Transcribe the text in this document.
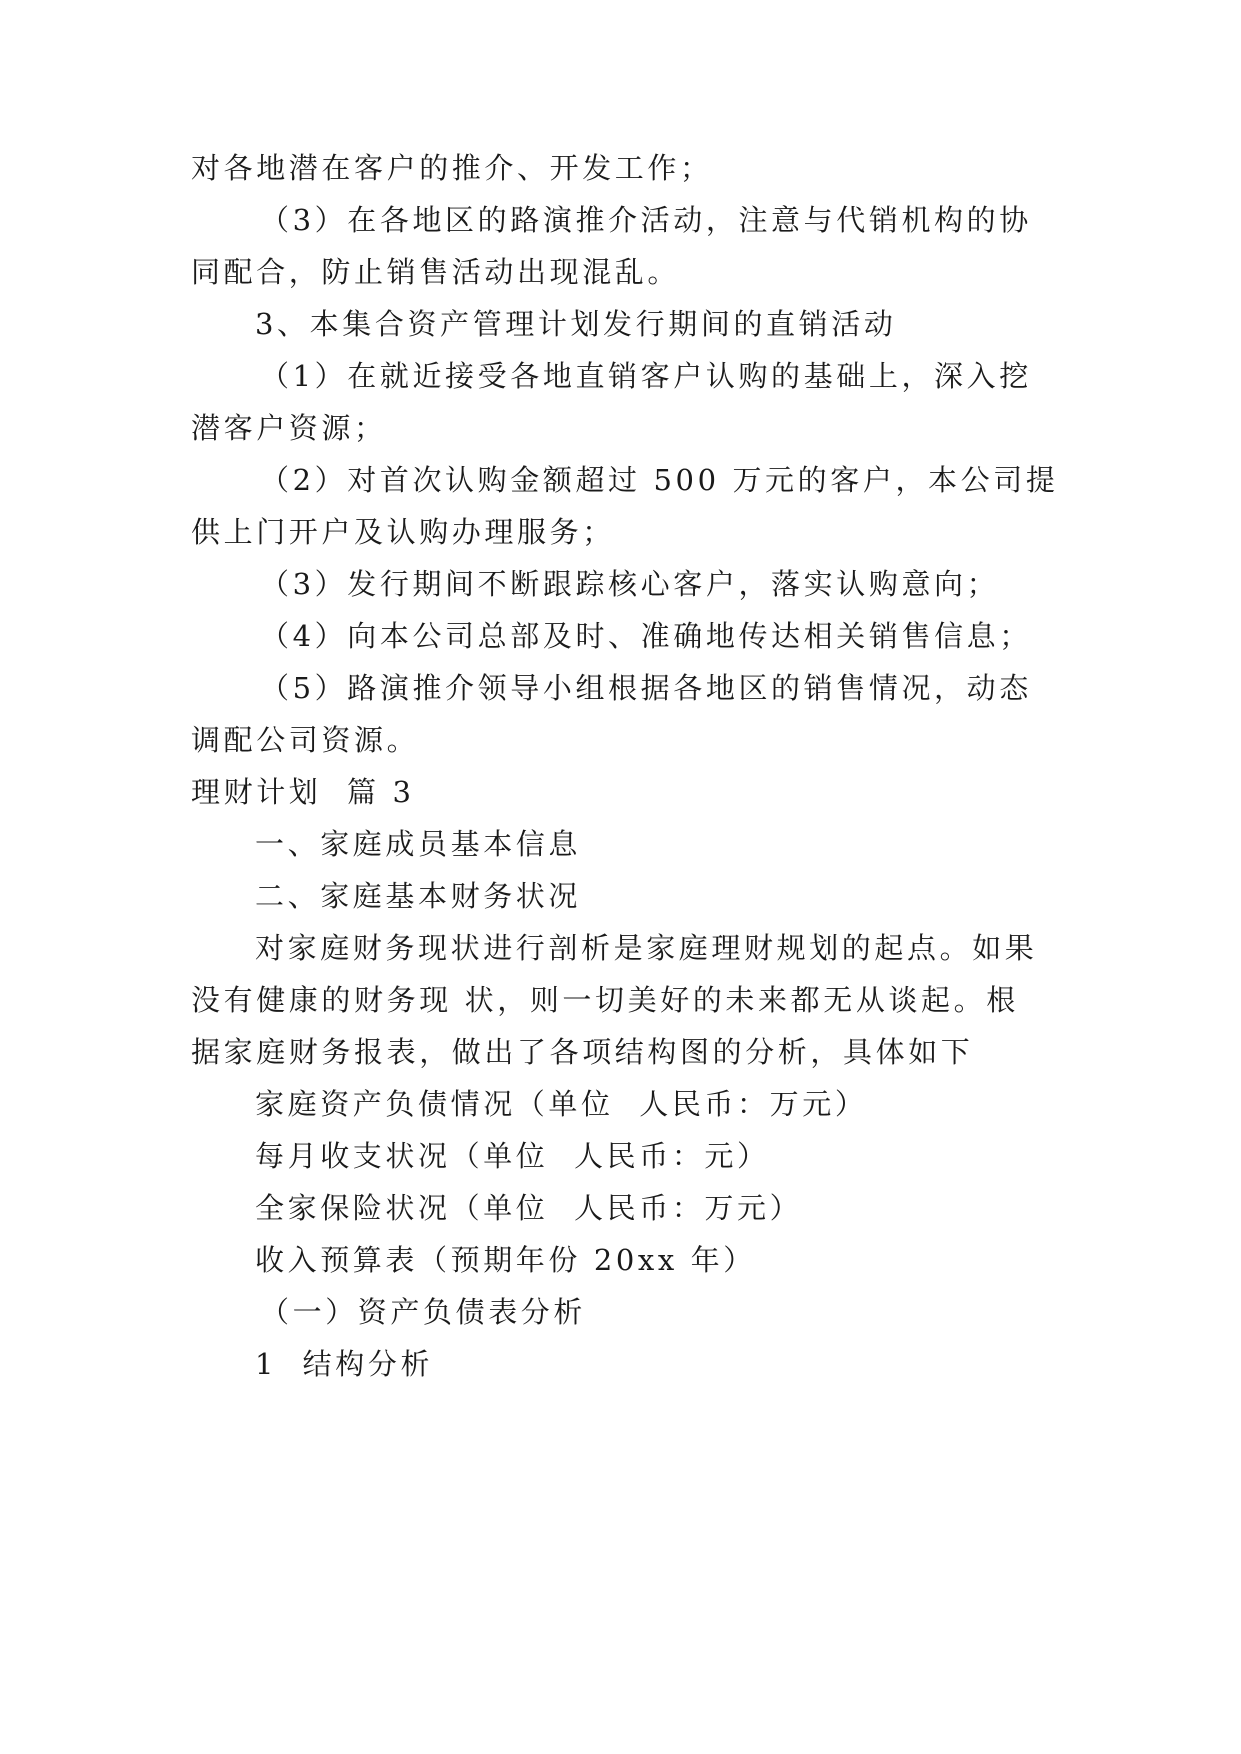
对各地潜在客户的推介、开发工作；
（3）在各地区的路演推介活动，注意与代销机构的协
同配合，防止销售活动出现混乱。
3、本集合资产管理计划发行期间的直销活动
（1）在就近接受各地直销客户认购的基础上，深入挖
潜客户资源；
（2）对首次认购金额超过 500 万元的客户，本公司提
供上门开户及认购办理服务；
（3）发行期间不断跟踪核心客户，落实认购意向；
（4）向本公司总部及时、准确地传达相关销售信息；
（5）路演推介领导小组根据各地区的销售情况，动态
调配公司资源。
理财计划  篇 3
一、家庭成员基本信息
二、家庭基本财务状况
对家庭财务现状进行剖析是家庭理财规划的起点。如果
没有健康的财务现 状，则一切美好的未来都无从谈起。根
据家庭财务报表，做出了各项结构图的分析，具体如下
家庭资产负债情况（单位  人民币：万元）
每月收支状况（单位  人民币：元）
全家保险状况（单位  人民币：万元）
收入预算表（预期年份 20xx 年）
（一）资产负债表分析
1  结构分析
